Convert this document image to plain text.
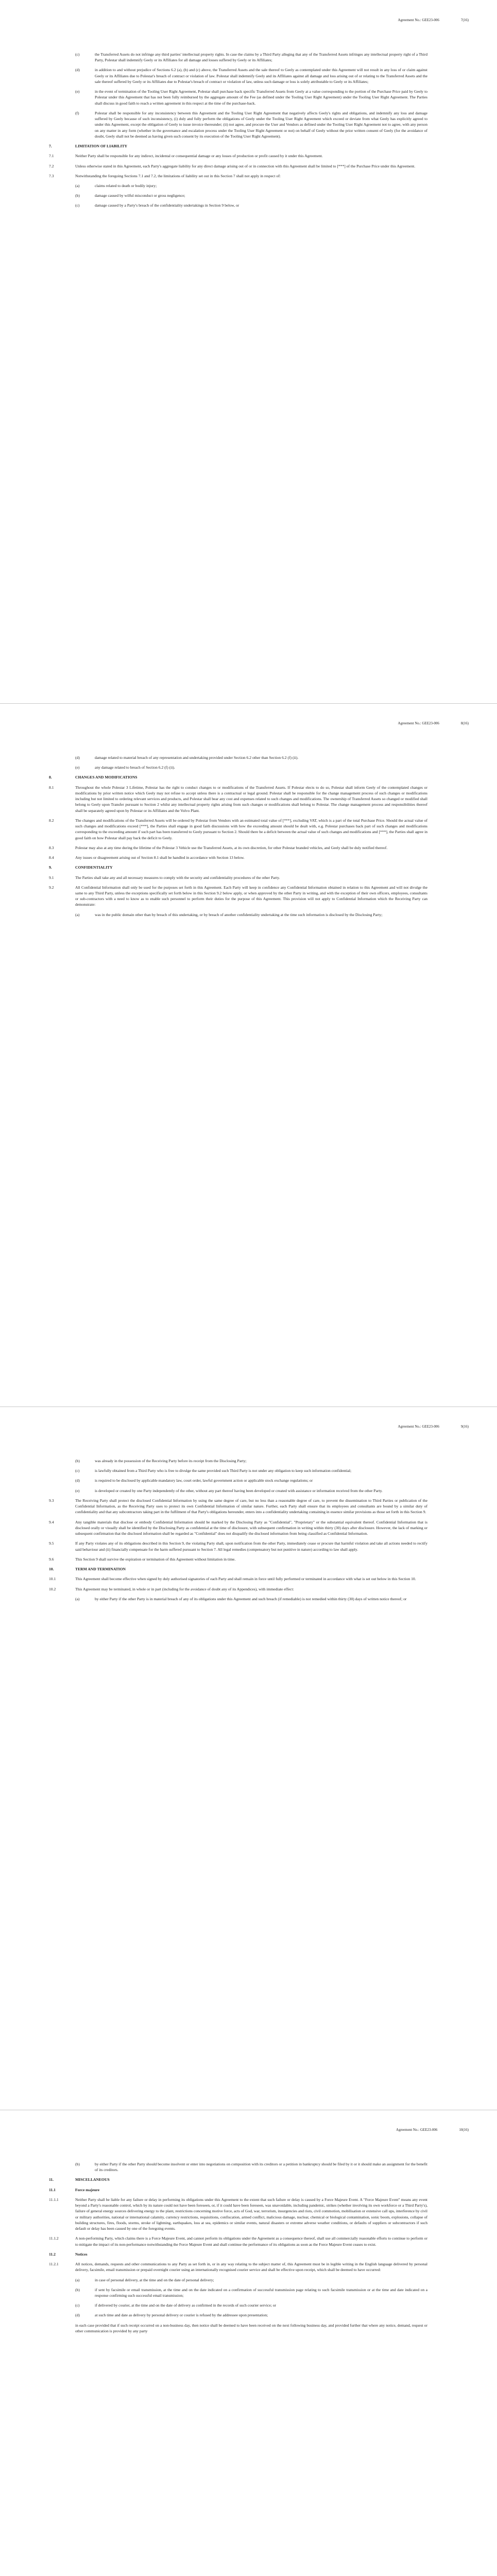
Agreement No.: GEE23-006	7(16)
(c)	the Transferred Assets do not infringe any third parties' intellectual property rights. In case the claims by a Third Party alleging that any of the Transferred Assets infringes any intellectual property right of a Third Party, Polestar shall indemnify Geely or its Affiliates for all damage and losses suffered by Geely or its Affiliates;
(d)	in addition to and without prejudice of Sections 6.2 (a), (b) and (c) above, the Transferred Assets and the sale thereof to Geely as contemplated under this Agreement will not result in any loss of or claim against Geely or its Affiliates due to Polestar's breach of contract or violation of law. Polestar shall indemnify Geely and its Affiliates against all damage and loss arising out of or relating to the Transferred Assets and the sale thereof suffered by Geely or its Affiliates due to Polestar's breach of contract or violation of law, unless such damage or loss is solely attributable to Geely or its Affiliates;
(e)	in the event of termination of the Tooling User Right Agreement, Polestar shall purchase back specific Transferred Assets from Geely at a value corresponding to the portion of the Purchase Price paid by Geely to Polestar under this Agreement that has not been fully reimbursed by the aggregate amount of the Fee (as defined under the Tooling User Right Agreement) under the Tooling User Right Agreement. The Parties shall discuss in good faith to reach a written agreement in this respect at the time of the purchase-back.
(f)	Polestar shall be responsible for any inconsistency between this Agreement and the Tooling User Right Agreement that negatively affects Geely's rights and obligations, and indemnify any loss and damage suffered by Geely because of such inconsistency, (i) duly and fully perform the obligations of Geely under the Tooling User Right Agreement which exceed or deviate from what Geely has explicitly agreed to under this Agreement, except the obligation of Geely to issue invoice thereunder; (ii) not agree, and procure the User and Vendors as defined under the Tooling User Right Agreement not to agree, with any person on any matter in any form (whether in the governance and escalation process under the Tooling User Right Agreement or not) on behalf of Geely without the prior written consent of Geely (for the avoidance of doubt, Geely shall not be deemed as having given such consent by its execution of the Tooling User Right Agreement).
7.	LIMITATION OF LIABILITY
7.1	Neither Party shall be responsible for any indirect, incidental or consequential damage or any losses of production or profit caused by it under this Agreement.
7.2	Unless otherwise stated in this Agreement, each Party's aggregate liability for any direct damage arising out of or in connection with this Agreement shall be limited to [***] of the Purchase Price under this Agreement.
7.3	Notwithstanding the foregoing Sections 7.1 and 7.2, the limitations of liability set out in this Section 7 shall not apply in respect of:
(a)	claims related to death or bodily injury;
(b)	damage caused by wilful misconduct or gross negligence;
(c)	damage caused by a Party's breach of the confidentiality undertakings in Section 9 below, or
Agreement No.: GEE23-006	8(16)
(d)	damage related to material breach of any representation and undertaking provided under Section 6.2 other than Section 6.2 (f) (ii).
(e)	any damage related to breach of Section 6.2 (f) (ii).
8.	CHANGES AND MODIFICATIONS
8.1	Throughout the whole Polestar 3 Lifetime, Polestar has the right to conduct changes to or modifications of the Transferred Assets. If Polestar elects to do so, Polestar shall inform Geely of the contemplated changes or modifications by prior written notice which Geely may not refuse to accept unless there is a contractual or legal ground. Polestar shall be responsible for the change management process of such changes or modifications including but not limited to ordering relevant services and products, and Polestar shall bear any cost and expenses related to such changes and modifications. The ownership of Transferred Assets so changed or modified shall belong to Geely upon Transfer pursuant to Section 2 whilst any intellectual property rights arising from such changes or modifications shall belong to Polestar. The change management process and responsibilities thereof shall be separately agreed upon by Polestar or its Affiliates and the Volvo Plant.
8.2	The changes and modifications of the Transferred Assets will be ordered by Polestar from Vendors with an estimated total value of [***], excluding VAT, which is a part of the total Purchase Price. Should the actual value of such changes and modifications exceed [***], the Parties shall engage in good faith discussions with how the exceeding amount should be dealt with, e.g. Polestar purchases back part of such changes and modifications corresponding to the exceeding amount if such part has been transferred to Geely pursuant to Section 2. Should there be a deficit between the actual value of such changes and modifications and [***], the Parties shall agree in good faith on how Polestar shall pay back the deficit to Geely.
8.3	Polestar may also at any time during the lifetime of the Polestar 3 Vehicle use the Transferred Assets, at its own discretion, for other Polestar branded vehicles, and Geely shall be duly notified thereof.
8.4	Any issues or disagreement arising out of Section 8.1 shall be handled in accordance with Section 13 below.
9.	CONFIDENTIALITY
9.1	The Parties shall take any and all necessary measures to comply with the security and confidentiality procedures of the other Party.
9.2	All Confidential Information shall only be used for the purposes set forth in this Agreement. Each Party will keep in confidence any Confidential Information obtained in relation to this Agreement and will not divulge the same to any Third Party, unless the exceptions specifically set forth below in this Section 9.2 below apply, or when approved by the other Party in writing, and with the exception of their own officers, employees, consultants or sub-contractors with a need to know as to enable such personnel to perform their duties for the purpose of this Agreement. This provision will not apply to Confidential Information which the Receiving Party can demonstrate:
(a)	was in the public domain other than by breach of this undertaking, or by breach of another confidentiality undertaking at the time such information is disclosed by the Disclosing Party;
Agreement No.: GEE23-006	9(16)
(b)	was already in the possession of the Receiving Party before its receipt from the Disclosing Party;
(c)	is lawfully obtained from a Third Party who is free to divulge the same provided such Third Party is not under any obligation to keep such information confidential;
(d)	is required to be disclosed by applicable mandatory law, court order, lawful government action or applicable stock exchange regulations; or
(e)	is developed or created by one Party independently of the other, without any part thereof having been developed or created with assistance or information received from the other Party.
9.3	The Receiving Party shall protect the disclosed Confidential Information by using the same degree of care, but no less than a reasonable degree of care, to prevent the dissemination to Third Parties or publication of the Confidential Information, as the Receiving Party uses to protect its own Confidential Information of similar nature. Further, each Party shall ensure that its employees and consultants are bound by a similar duty of confidentiality and that any subcontractors taking part in the fulfilment of that Party's obligations hereunder, enters into a confidentiality undertaking containing in essence similar provisions as those set forth in this Section 9.
9.4	Any tangible materials that disclose or embody Confidential Information should be marked by the Disclosing Party as "Confidential", "Proprietary" or the substantial equivalent thereof. Confidential Information that is disclosed orally or visually shall be identified by the Disclosing Party as confidential at the time of disclosure, with subsequent confirmation in writing within thirty (30) days after disclosure. However, the lack of marking or subsequent confirmation that the disclosed information shall be regarded as "Confidential" does not disqualify the disclosed information from being classified as Confidential Information.
9.5	If any Party violates any of its obligations described in this Section 9, the violating Party shall, upon notification from the other Party, immediately cease or procure that harmful violation and take all actions needed to rectify said behaviour and (ii) financially compensate for the harm suffered pursuant to Section 7. All legal remedies (compensatory but not punitive in nature) according to law shall apply.
9.6	This Section 9 shall survive the expiration or termination of this Agreement without limitation in time.
10.	TERM AND TERMINATION
10.1	This Agreement shall become effective when signed by duly authorised signatories of each Party and shall remain in force until fully performed or terminated in accordance with what is set out below in this Section 10.
10.2	This Agreement may be terminated, in whole or in part (including for the avoidance of doubt any of its Appendices), with immediate effect:
(a)	by either Party if the other Party is in material breach of any of its obligations under this Agreement and such breach (if remediable) is not remedied within thirty (30) days of written notice thereof; or
Agreement No.: GEE23-006	10(16)
(b)	by either Party if the other Party should become insolvent or enter into negotiations on composition with its creditors or a petition in bankruptcy should be filed by it or it should make an assignment for the benefit of its creditors.
11.	MISCELLANEOUS
11.1	Force majeure
11.1.1	Neither Party shall be liable for any failure or delay in performing its obligations under this Agreement to the extent that such failure or delay is caused by a Force Majeure Event. A "Force Majeure Event" means any event beyond a Party's reasonable control, which by its nature could not have been foreseen, or, if it could have been foreseen, was unavoidable, including pandemic, strikes (whether involving its own workforce or a Third Party's), failure of general energy sources delivering energy to the plant, restrictions concerning motive force, acts of God, war, terrorism, insurgencies and riots, civil commotion, mobilisation or extensive call ups, interference by civil or military authorities, national or international calamity, currency restrictions, requisitions, confiscation, armed conflict, malicious damage, nuclear, chemical or biological contamination, sonic boom, explosions, collapse of building structures, fires, floods, storms, stroke of lightning, earthquakes, loss at sea, epidemics or similar events, natural disasters or extreme adverse weather conditions, or defaults of suppliers or subcontractors if such default or delay has been caused by one of the foregoing events.
11.1.2	A non-performing Party, which claims there is a Force Majeure Event, and cannot perform its obligations under the Agreement as a consequence thereof, shall use all commercially reasonable efforts to continue to perform or to mitigate the impact of its non-performance notwithstanding the Force Majeure Event and shall continue the performance of its obligations as soon as the Force Majeure Event ceases to exist.
11.2	Notices
11.2.1	All notices, demands, requests and other communications to any Party as set forth in, or in any way relating to the subject matter of, this Agreement must be in legible writing in the English language delivered by personal delivery, facsimile, email transmission or prepaid overnight courier using an internationally recognised courier service and shall be effective upon receipt, which shall be deemed to have occurred:
(a)	in case of personal delivery, at the time and on the date of personal delivery;
(b)	if sent by facsimile or email transmission, at the time and on the date indicated on a confirmation of successful transmission page relating to such facsimile transmission or at the time and date indicated on a response confirming such successful email transmission;
(c)	if delivered by courier, at the time and on the date of delivery as confirmed in the records of such courier service; or
(d)	at such time and date as delivery by personal delivery or courier is refused by the addressee upon presentation;
in each case provided that if such receipt occurred on a non-business day, then notice shall be deemed to have been received on the next following business day, and provided further that where any notice, demand, request or other communication is provided by any party
